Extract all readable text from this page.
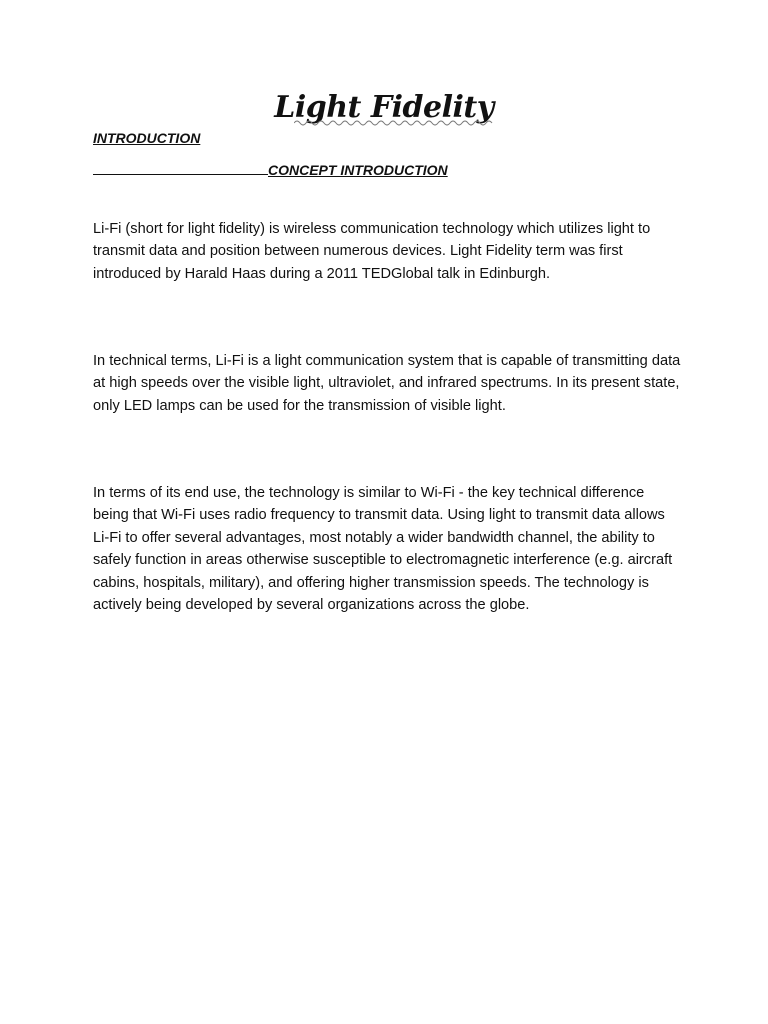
Light Fidelity
INTRODUCTION
CONCEPT INTRODUCTION

Li-Fi (short for light fidelity) is wireless communication technology which utilizes light to transmit data and position between numerous devices. Light Fidelity term was first introduced by Harald Haas during a 2011 TEDGlobal talk in Edinburgh.

In technical terms, Li-Fi is a light communication system that is capable of transmitting data at high speeds over the visible light, ultraviolet, and infrared spectrums. In its present state, only LED lamps can be used for the transmission of visible light.

In terms of its end use, the technology is similar to Wi-Fi - the key technical difference being that Wi-Fi uses radio frequency to transmit data. Using light to transmit data allows Li-Fi to offer several advantages, most notably a wider bandwidth channel, the ability to safely function in areas otherwise susceptible to electromagnetic interference (e.g. aircraft cabins, hospitals, military), and offering higher transmission speeds. The technology is actively being developed by several organizations across the globe.
